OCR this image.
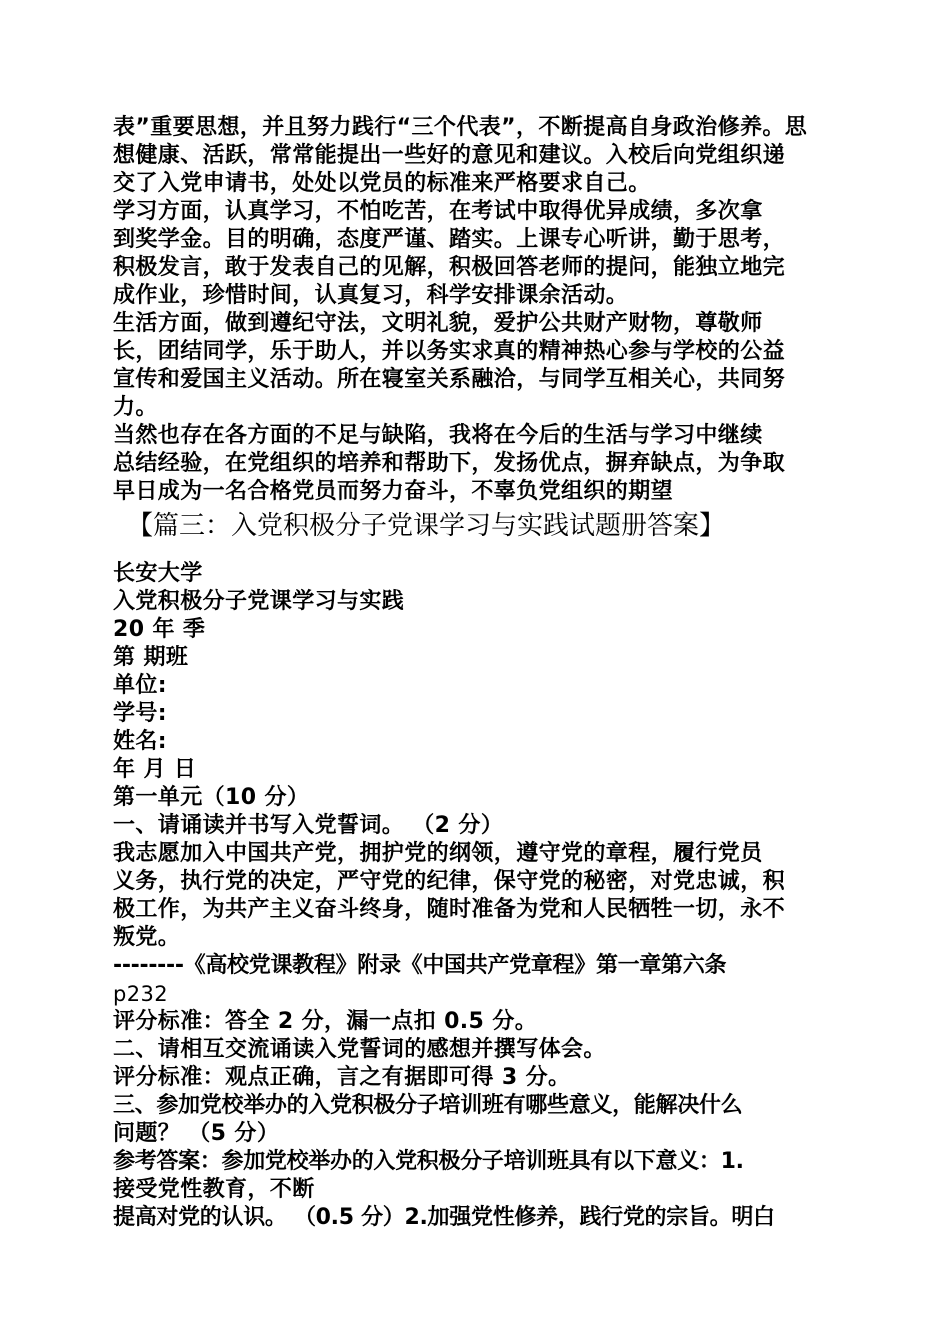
表”重要思想，并且努力践行“三个代表”，不断提高自身政治修养。思
想健康、活跃，常常能提出一些好的意见和建议。入校后向党组织递
交了入党申请书，处处以党员的标准来严格要求自己。
学习方面，认真学习，不怕吃苦，在考试中取得优异成绩，多次拿
到奖学金。目的明确，态度严谨、踏实。上课专心听讲，勤于思考，
积极发言，敢于发表自己的见解，积极回答老师的提问，能独立地完
成作业，珍惜时间，认真复习，科学安排课余活动。
生活方面，做到遵纪守法，文明礼貌，爱护公共财产财物，尊敬师
长，团结同学，乐于助人，并以务实求真的精神热心参与学校的公益
宣传和爱国主义活动。所在寝室关系融洽，与同学互相关心，共同努
力。
当然也存在各方面的不足与缺陷，我将在今后的生活与学习中继续
总结经验，在党组织的培养和帮助下，发扬优点，摒弃缺点，为争取
早日成为一名合格党员而努力奋斗，不辜负党组织的期望
【篇三：入党积极分子党课学习与实践试题册答案】
长安大学
入党积极分子党课学习与实践
20 年 季
第 期班
单位:
学号:
姓名:
年 月 日
第一单元（10 分）
一、请诵读并书写入党誓词。 （2 分）
我志愿加入中国共产党，拥护党的纲领，遵守党的章程，履行党员
义务，执行党的决定，严守党的纪律，保守党的秘密，对党忠诚，积
极工作，为共产主义奋斗终身，随时准备为党和人民牺牲一切，永不
叛党。
--------《高校党课教程》附录《中国共产党章程》第一章第六条
p232
评分标准：答全 2 分，漏一点扣 0.5 分。
二、请相互交流诵读入党誓词的感想并撰写体会。
评分标准：观点正确，言之有据即可得 3 分。
三、参加党校举办的入党积极分子培训班有哪些意义，能解决什么
问题？ （5 分）
参考答案：参加党校举办的入党积极分子培训班具有以下意义：1.
接受党性教育，不断
提高对党的认识。 （0.5 分）2.加强党性修养，践行党的宗旨。明白
